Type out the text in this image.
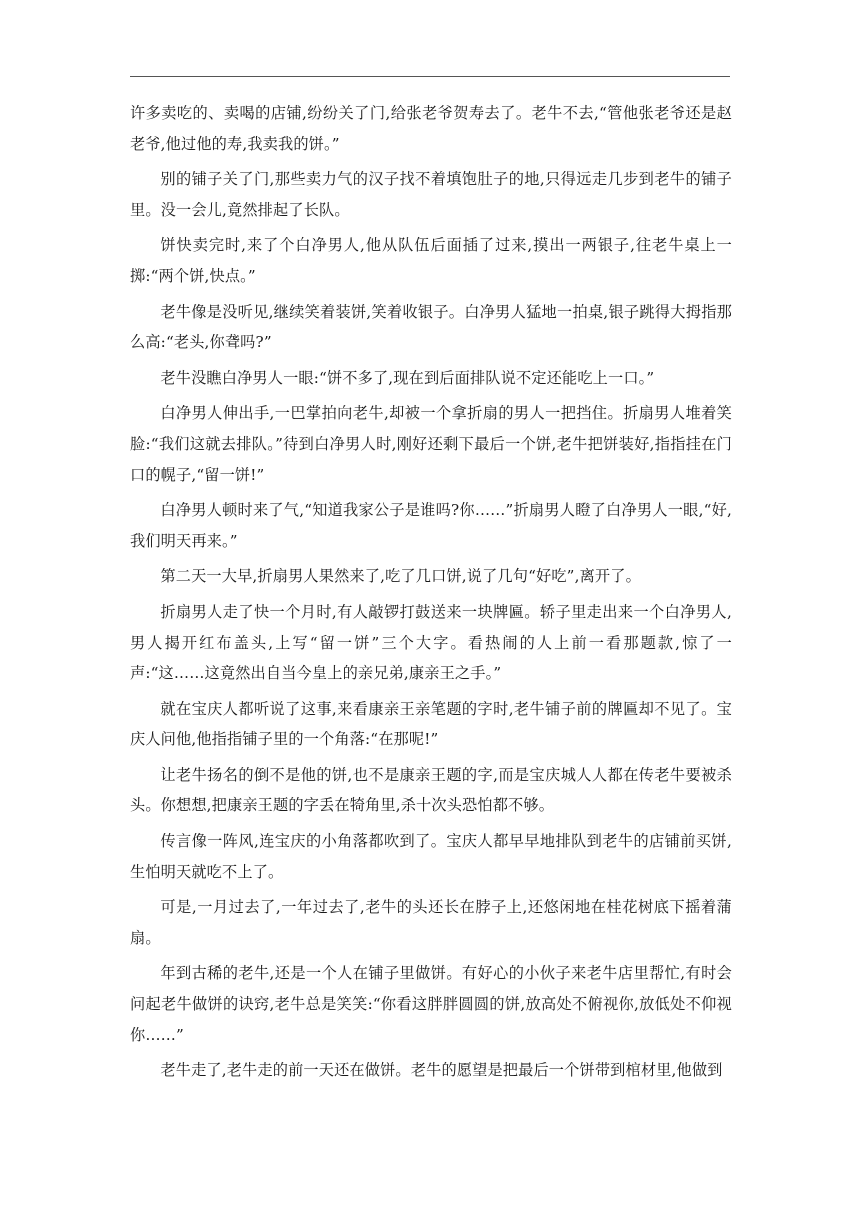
许多卖吃的、卖喝的店铺,纷纷关了门,给张老爷贺寿去了。老牛不去,“管他张老爷还是赵老爷,他过他的寿,我卖我的饼。”

别的铺子关了门,那些卖力气的汉子找不着填饱肚子的地,只得远走几步到老牛的铺子里。没一会儿,竟然排起了长队。

饼快卖完时,来了个白净男人,他从队伍后面插了过来,摸出一两银子,往老牛桌上一掷:“两个饼,快点。”

老牛像是没听见,继续笑着装饼,笑着收银子。白净男人猛地一拍桌,银子跳得大拇指那么高:“老头,你聋吗?”

老牛没瞧白净男人一眼:“饼不多了,现在到后面排队说不定还能吃上一口。”

白净男人伸出手,一巴掌拍向老牛,却被一个拿折扇的男人一把挡住。折扇男人堆着笑脸:“我们这就去排队。”待到白净男人时,刚好还剩下最后一个饼,老牛把饼装好,指指挂在门口的幌子,“留一饼!”

白净男人顿时来了气,“知道我家公子是谁吗?你……”折扇男人瞪了白净男人一眼,“好,我们明天再来。”

第二天一大早,折扇男人果然来了,吃了几口饼,说了几句“好吃”,离开了。

折扇男人走了快一个月时,有人敲锣打鼓送来一块牌匾。轿子里走出来一个白净男人,男人揭开红布盖头,上写“留一饼”三个大字。看热闹的人上前一看那题款,惊了一声:“这……这竟然出自当今皇上的亲兄弟,康亲王之手。”

就在宝庆人都听说了这事,来看康亲王亲笔题的字时,老牛铺子前的牌匾却不见了。宝庆人问他,他指指铺子里的一个角落:“在那呢!”

让老牛扬名的倒不是他的饼,也不是康亲王题的字,而是宝庆城人人都在传老牛要被杀头。你想想,把康亲王题的字丢在犄角里,杀十次头恐怕都不够。

传言像一阵风,连宝庆的小角落都吹到了。宝庆人都早早地排队到老牛的店铺前买饼,生怕明天就吃不上了。

可是,一月过去了,一年过去了,老牛的头还长在脖子上,还悠闲地在桂花树底下摇着蒲扇。

年到古稀的老牛,还是一个人在铺子里做饼。有好心的小伙子来老牛店里帮忙,有时会问起老牛做饼的诀窍,老牛总是笑笑:“你看这胖胖圆圆的饼,放高处不俯视你,放低处不仰视你……”

老牛走了,老牛走的前一天还在做饼。老牛的愿望是把最后一个饼带到棺材里,他做到
